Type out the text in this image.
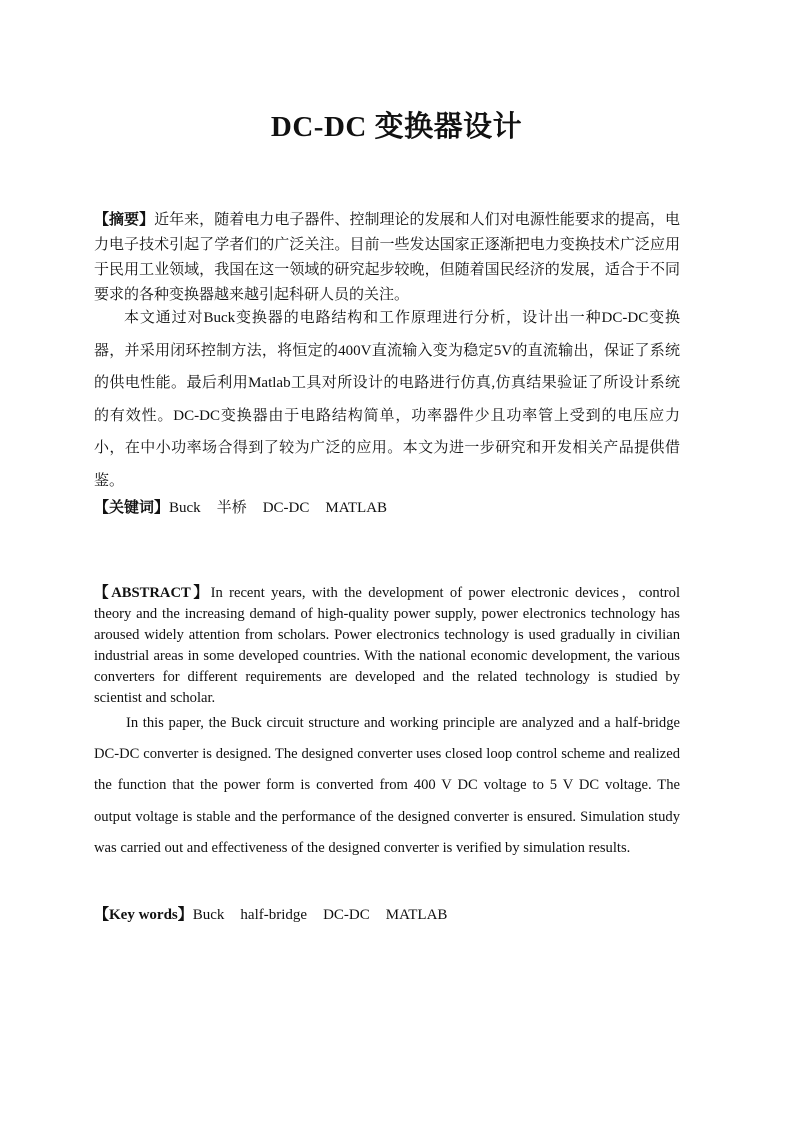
DC-DC 变换器设计

【摘要】近年来，随着电力电子器件、控制理论的发展和人们对电源性能要求的提高，电力电子技术引起了学者们的广泛关注。目前一些发达国家正逐渐把电力变换技术广泛应用于民用工业领域，我国在这一领域的研究起步较晚，但随着国民经济的发展，适合于不同要求的各种变换器越来越引起科研人员的关注。

本文通过对Buck变换器的电路结构和工作原理进行分析，设计出一种DC-DC变换器，并采用闭环控制方法，将恒定的400V直流输入变为稳定5V的直流输出，保证了系统的供电性能。最后利用Matlab工具对所设计的电路进行仿真,仿真结果验证了所设计系统的有效性。DC-DC变换器由于电路结构简单，功率器件少且功率管上受到的电压应力小，在中小功率场合得到了较为广泛的应用。本文为进一步研究和开发相关产品提供借鉴。

【关键词】Buck 半桥 DC-DC MATLAB

【ABSTRACT】In recent years, with the development of power electronic devices，control theory and the increasing demand of high-quality power supply, power electronics technology has aroused widely attention from scholars. Power electronics technology is used gradually in civilian industrial areas in some developed countries. With the national economic development, the various converters for different requirements are developed and the related technology is studied by scientist and scholar.

In this paper, the Buck circuit structure and working principle are analyzed and a half-bridge DC-DC converter is designed. The designed converter uses closed loop control scheme and realized the function that the power form is converted from 400 V DC voltage to 5 V DC voltage. The output voltage is stable and the performance of the designed converter is ensured. Simulation study was carried out and effectiveness of the designed converter is verified by simulation results.

【Key words】Buck half-bridge DC-DC MATLAB
